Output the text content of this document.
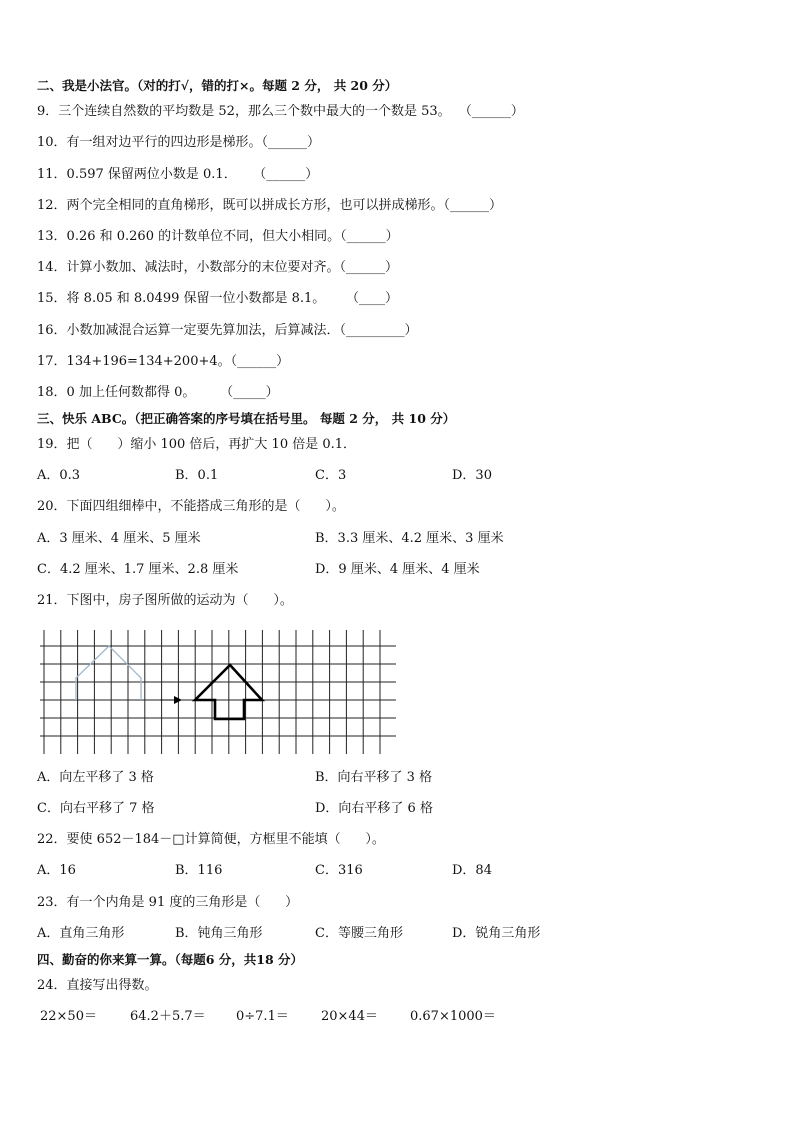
二、我是小法官。（对的打√，错的打×。每题 2 分， 共 20 分）
9．三个连续自然数的平均数是 52，那么三个数中最大的一个数是 53。  （______）
10．有一组对边平行的四边形是梯形。（______）
11．0.597 保留两位小数是 0.1．    （______）
12．两个完全相同的直角梯形，既可以拼成长方形，也可以拼成梯形。（______）
13．0.26 和 0.260 的计数单位不同，但大小相同。（______）
14．计算小数加、减法时，小数部分的末位要对齐。（______）
15．将 8.05 和 8.0499 保留一位小数都是 8.1。     （____）
16．小数加减混合运算一定要先算加法，后算减法．（_________）
17．134+196=134+200+4。（______）
18．0 加上任何数都得 0。      （_____）
三、快乐 ABC。（把正确答案的序号填在括号里。 每题 2 分， 共 10 分）
19．把（      ）缩小 100 倍后，再扩大 10 倍是 0.1．
A．0.3	B．0.1	C．3	D．30
20．下面四组细棒中，不能搭成三角形的是（      ）。
A．3 厘米、4 厘米、5 厘米	B．3.3 厘米、4.2 厘米、3 厘米
C．4.2 厘米、1.7 厘米、2.8 厘米	D．9 厘米、4 厘米、4 厘米
21．下图中，房子图所做的运动为（      ）。
A．向左平移了 3 格	B．向右平移了 3 格
C．向右平移了 7 格	D．向右平移了 6 格
22．要使 652－184－□计算简便，方框里不能填（      ）。
A．16	B．116	C．316	D．84
23．有一个内角是 91 度的三角形是（      ）
A．直角三角形	B．钝角三角形	C．等腰三角形	D．锐角三角形
四、勤奋的你来算一算。（每题6 分，共18 分）
24．直接写出得数。
22×50＝	64.2＋5.7＝ 0÷7.1＝ 20×44＝ 0.67×1000＝
